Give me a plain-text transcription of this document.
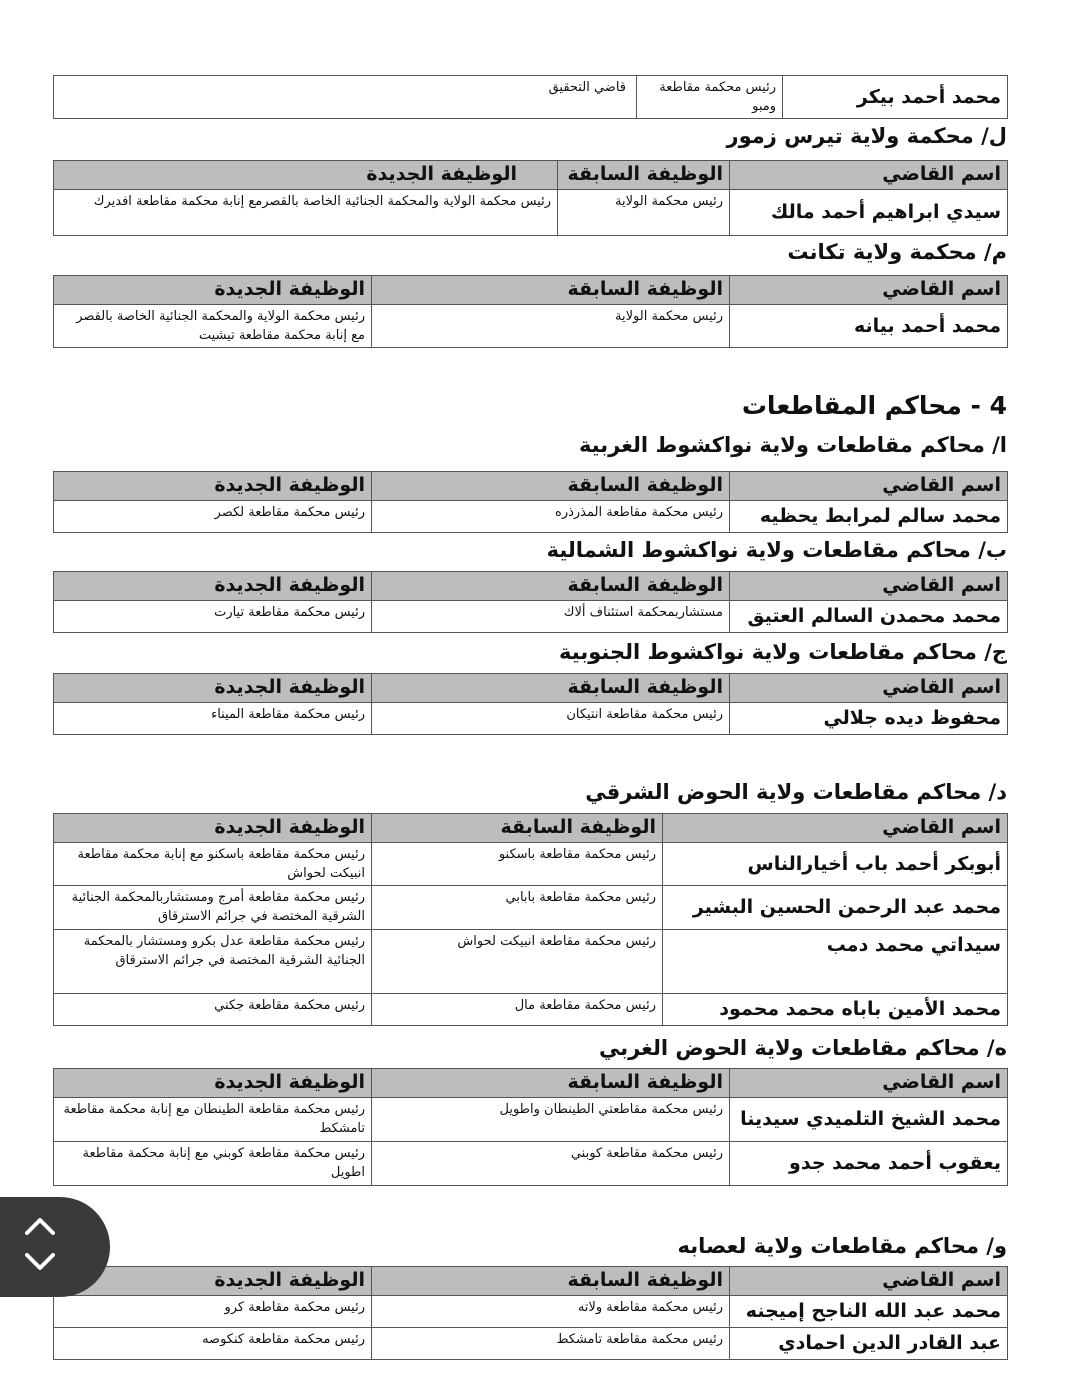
محمد أحمد بيكر	رئيس محكمة مقاطعة ومبو	قاضي التحقيق
ل/ محكمة ولاية تيرس زمور
اسم القاضي	الوظيفة السابقة	الوظيفة الجديدة
سيدي ابراهيم أحمد مالك	رئيس محكمة الولاية	رئيس محكمة الولاية والمحكمة الجنائية الخاصة بالقصرمع إنابة محكمة مقاطعة افديرك
م/ محكمة ولاية تكانت
اسم القاضي	الوظيفة السابقة	الوظيفة الجديدة
محمد أحمد بيانه	رئيس محكمة الولاية	رئيس محكمة الولاية والمحكمة الجنائية الخاصة بالقصر مع إنابة محكمة مقاطعة تيشيت
4 - محاكم المقاطعات
ا/ محاكم مقاطعات ولاية نواكشوط الغربية
اسم القاضي	الوظيفة السابقة	الوظيفة الجديدة
محمد سالم لمرابط يحظيه	رئيس محكمة مقاطعة المذرذره	رئيس محكمة مقاطعة لكصر
ب/ محاكم مقاطعات ولاية نواكشوط الشمالية
اسم القاضي	الوظيفة السابقة	الوظيفة الجديدة
محمد محمدن السالم العتيق	مستشاربمحكمة استئناف ألاك	رئيس محكمة مقاطعة تيارت
ج/ محاكم مقاطعات ولاية نواكشوط الجنوبية
اسم القاضي	الوظيفة السابقة	الوظيفة الجديدة
محفوظ ديده جلالي	رئيس محكمة مقاطعة انتيكان	رئيس محكمة مقاطعة الميناء
د/ محاكم مقاطعات ولاية الحوض الشرقي
اسم القاضي	الوظيفة السابقة	الوظيفة الجديدة
أبوبكر أحمد باب أخيارالناس	رئيس محكمة مقاطعة باسكنو	رئيس محكمة مقاطعة باسكنو مع إنابة محكمة مقاطعة انبيكت لحواش
محمد عبد الرحمن الحسين البشير	رئيس محكمة مقاطعة ﺑﺎﺑﺎﺑﻲ	رئيس محكمة مقاطعة أمرج ومستشاربالمحكمة الجنائية الشرقية المختصة في جرائم الاسترقاق
سيداتي محمد دمب	رئيس محكمة مقاطعة انبيكت لحواش	رئيس محكمة مقاطعة عدل بكرو ومستشار بالمحكمة الجنائية الشرقية المختصة في جرائم الاسترقاق
محمد الأمين باباه محمد محمود	رئيس محكمة مقاطعة مال	رئيس محكمة مقاطعة جكني
ه/ محاكم مقاطعات ولاية الحوض الغربي
اسم القاضي	الوظيفة السابقة	الوظيفة الجديدة
محمد الشيخ التلميدي سيدينا	رئيس محكمة مقاطعتي الطينطان واطويل	رئيس محكمة مقاطعة الطينطان مع إنابة محكمة مقاطعة تامشكط
يعقوب أحمد محمد جدو	رئيس محكمة مقاطعة كوبني	رئيس محكمة مقاطعة كوبني مع إنابة محكمة مقاطعة اطويل
و/ محاكم مقاطعات ولاية لعصابه
اسم القاضي	الوظيفة السابقة	الوظيفة الجديدة
محمد عبد الله الناجح إميجنه	رئيس محكمة مقاطعة ولاته	رئيس محكمة مقاطعة كرو
عبد القادر الدين احمادي	رئيس محكمة مقاطعة تامشكط	رئيس محكمة مقاطعة كنكوصه
